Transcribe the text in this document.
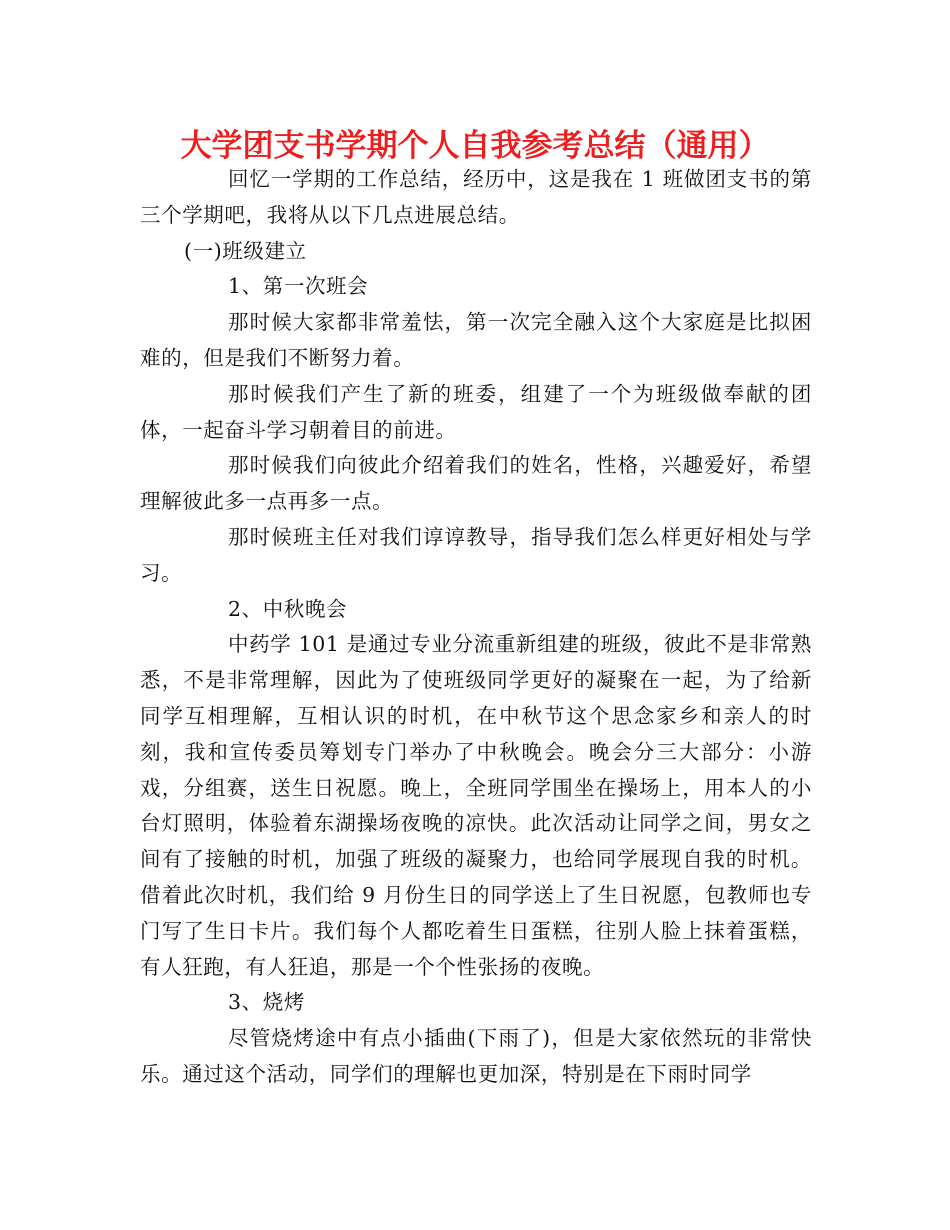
大学团支书学期个人自我参考总结（通用）

回忆一学期的工作总结，经历中，这是我在 1 班做团支书的第三个学期吧，我将从以下几点进展总结。

(一)班级建立

1、第一次班会

那时候大家都非常羞怯，第一次完全融入这个大家庭是比拟困难的，但是我们不断努力着。

那时候我们产生了新的班委，组建了一个为班级做奉献的团体，一起奋斗学习朝着目的前进。

那时候我们向彼此介绍着我们的姓名，性格，兴趣爱好，希望理解彼此多一点再多一点。

那时候班主任对我们谆谆教导，指导我们怎么样更好相处与学习。

2、中秋晚会

中药学 101 是通过专业分流重新组建的班级，彼此不是非常熟悉，不是非常理解，因此为了使班级同学更好的凝聚在一起，为了给新同学互相理解，互相认识的时机，在中秋节这个思念家乡和亲人的时刻，我和宣传委员筹划专门举办了中秋晚会。晚会分三大部分：小游戏，分组赛，送生日祝愿。晚上，全班同学围坐在操场上，用本人的小台灯照明，体验着东湖操场夜晚的凉快。此次活动让同学之间，男女之间有了接触的时机，加强了班级的凝聚力，也给同学展现自我的时机。借着此次时机，我们给 9 月份生日的同学送上了生日祝愿，包教师也专门写了生日卡片。我们每个人都吃着生日蛋糕，往别人脸上抹着蛋糕，有人狂跑，有人狂追，那是一个个性张扬的夜晚。

3、烧烤

尽管烧烤途中有点小插曲(下雨了)，但是大家依然玩的非常快乐。通过这个活动，同学们的理解也更加深，特别是在下雨时同学
